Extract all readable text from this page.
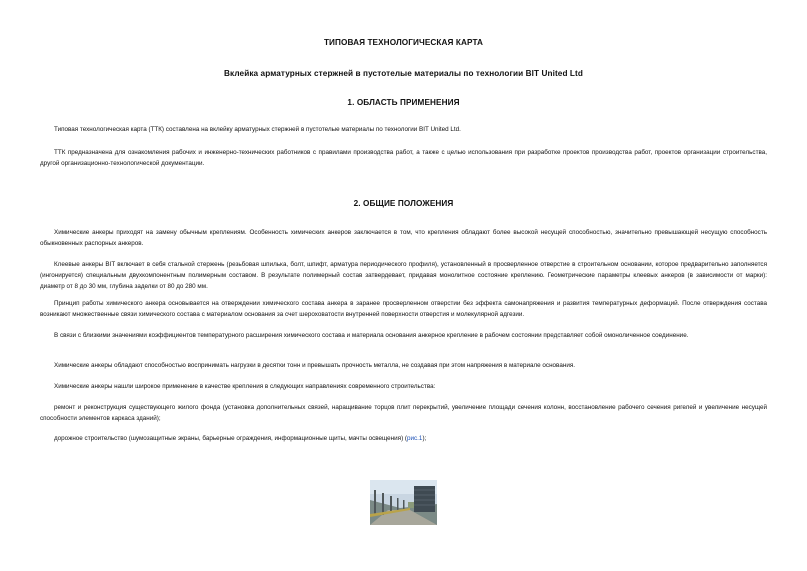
ТИПОВАЯ ТЕХНОЛОГИЧЕСКАЯ КАРТА
Вклейка арматурных стержней в пустотелые материалы по технологии BIT United Ltd
1. ОБЛАСТЬ ПРИМЕНЕНИЯ

Типовая технологическая карта (ТТК) составлена на вклейку арматурных стержней в пустотелые материалы по технологии BIT United Ltd.

ТТК предназначена для ознакомления рабочих и инженерно-технических работников с правилами производства работ, а также с целью использования при разработке проектов производства работ, проектов организации строительства, другой организационно-технологической документации.

2. ОБЩИЕ ПОЛОЖЕНИЯ

Химические анкеры приходят на замену обычным креплениям. Особенность химических анкеров заключается в том, что крепления обладают более высокой несущей способностью, значительно превышающей несущую способность обыкновенных распорных анкеров.

Клеевые анкеры BIT включает в себя стальной стержень (резьбовая шпилька, болт, шпифт, арматура периодического профиля), установленный в просверленное отверстие в строительном основании, которое предварительно заполняется (ингонируется) специальным двухкомпонентным полимерным составом. В результате полимерный состав затвердевает, придавая монолитное состояние креплению. Геометрические параметры клеевых анкеров (в зависимости от марки): диаметр от 8 до 30 мм, глубина заделки от 80 до 280 мм.

Принцип работы химического анкера основывается на отверждении химического состава анкера в заранее просверленном отверстии без эффекта самонапряжения и развития температурных деформаций. После отверждения состава возникают множественные связи химического состава с материалом основания за счет шероховатости внутренней поверхности отверстия и молекулярной адгезии.

В связи с близкими значениями коэффициентов температурного расширения химического состава и материала основания анкерное крепление в рабочем состоянии представляет собой омоноличенное соединение.

Химические анкеры обладают способностью воспринимать нагрузки в десятки тонн и превышать прочность металла, не создавая при этом напряжения в материале основания.

Химические анкеры нашли широкое применение в качестве крепления в следующих направлениях современного строительства:

ремонт и реконструкция существующего жилого фонда (установка дополнительных связей, наращивание торцов плит перекрытий, увеличение площади сечения колонн, восстановление рабочего сечения ригелей и увеличение несущей способности элементов каркаса зданий);

дорожное строительство (шумозащитные экраны, барьерные ограждения, информационные щиты, мачты освещения) (рис.1);
